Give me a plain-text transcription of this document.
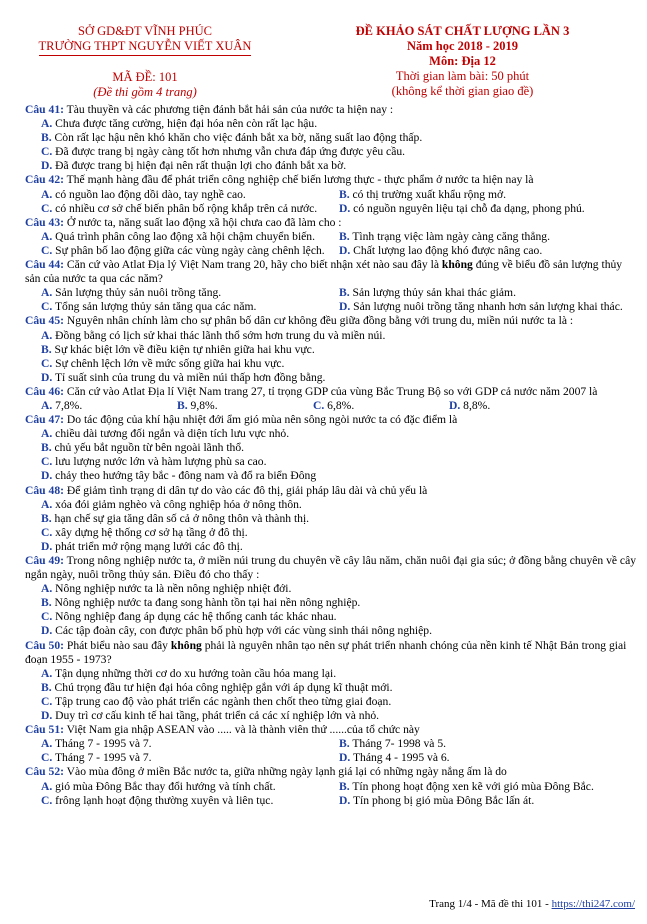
SỞ GD&ĐT VĨNH PHÚC
TRƯỜNG THPT NGUYỄN VIẾT XUÂN
MÃ ĐỀ: 101
(Đề thi gồm 4 trang)
ĐỀ KHẢO SÁT CHẤT LƯỢNG LẦN 3
Năm học 2018 - 2019
Môn: Địa 12
Thời gian làm bài: 50 phút
(không kể thời gian giao đề)
Câu 41: Tàu thuyền và các phương tiện đánh bắt hải sản của nước ta hiện nay :
A. Chưa được tăng cường, hiện đại hóa nên còn rất lạc hậu.
B. Còn rất lạc hậu nên khó khăn cho việc đánh bắt xa bờ, năng suất lao động thấp.
C. Đã được trang bị ngày càng tốt hơn nhưng vẫn chưa đáp ứng được yêu cầu.
D. Đã được trang bị hiện đại nên rất thuận lợi cho đánh bắt xa bờ.
Câu 42: Thế mạnh hàng đầu để phát triển công nghiệp chế biến lương thực - thực phẩm ở nước ta hiện nay là
A. có nguồn lao động dồi dào, tay nghề cao.	B. có thị trường xuất khẩu rộng mở.
C. có nhiều cơ sở chế biến phân bố rộng khắp trên cả nước.	D. có nguồn nguyên liệu tại chỗ đa dạng, phong phú.
Câu 43: Ở nước ta, năng suất lao động xã hội chưa cao đã làm cho :
A. Quá trình phân công lao động xã hội chậm chuyển biến.	B. Tình trạng việc làm ngày càng căng thẳng.
C. Sự phân bố lao động giữa các vùng ngày càng chênh lệch.	D. Chất lượng lao động khó được nâng cao.
Câu 44: Căn cứ vào Atlat Địa lý Việt Nam trang 20, hãy cho biết nhận xét nào sau đây là không đúng về biểu đồ sản lượng thủy sản của nước ta qua các năm?
A. Sản lượng thủy sản nuôi trồng tăng.	B. Sản lượng thủy sản khai thác giảm.
C. Tổng sản lượng thủy sản tăng qua các năm.	D. Sản lượng nuôi trồng tăng nhanh hơn sản lượng khai thác.
Câu 45: Nguyên nhân chính làm cho sự phân bố dân cư không đều giữa đồng bằng với trung du, miền núi nước ta là :
A. Đồng bằng có lịch sử khai thác lãnh thổ sớm hơn trung du và miền núi.
B. Sự khác biệt lớn về điều kiện tự nhiên giữa hai khu vực.
C. Sự chênh lệch lớn về mức sống giữa hai khu vực.
D. Tỉ suất sinh của trung du và miền núi thấp hơn đồng bằng.
Câu 46: Căn cứ vào Atlat Địa lí Việt Nam trang 27, tỉ trọng GDP của vùng Bắc Trung Bộ so với GDP cả nước năm 2007 là
A. 7,8%.	B. 9,8%.	C. 6,8%.	D. 8,8%.
Câu 47: Do tác động của khí hậu nhiệt đới ẩm gió mùa nên sông ngòi nước ta có đặc điểm là
A. chiều dài tương đối ngắn và diện tích lưu vực nhỏ.
B. chủ yếu bắt nguồn từ bên ngoài lãnh thổ.
C. lưu lượng nước lớn và hàm lượng phù sa cao.
D. chảy theo hướng tây bắc - đông nam và đổ ra biển Đông
Câu 48: Để giảm tình trạng di dân tự do vào các đô thị, giải pháp lâu dài và chủ yếu là
A. xóa đói giảm nghèo và công nghiệp hóa ở nông thôn.
B. hạn chế sự gia tăng dân số cả ở nông thôn và thành thị.
C. xây dựng hệ thống cơ sở hạ tầng ở đô thị.
D. phát triển mở rộng mạng lưới các đô thị.
Câu 49: Trong nông nghiệp nước ta, ở miền núi trung du chuyên về cây lâu năm, chăn nuôi đại gia súc; ở đồng bằng chuyên về cây ngắn ngày, nuôi trồng thủy sản. Điều đó cho thấy :
A. Nông nghiệp nước ta là nền nông nghiệp nhiệt đới.
B. Nông nghiệp nước ta đang song hành tồn tại hai nền nông nghiệp.
C. Nông nghiệp đang áp dụng các hệ thống canh tác khác nhau.
D. Các tập đoàn cây, con được phân bố phù hợp với các vùng sinh thái nông nghiệp.
Câu 50: Phát biểu nào sau đây không phải là nguyên nhân tạo nên sự phát triển nhanh chóng của nền kinh tế Nhật Bản trong giai đoạn 1955 - 1973?
A. Tận dụng những thời cơ do xu hướng toàn cầu hóa mang lại.
B. Chú trọng đầu tư hiện đại hóa công nghiệp gắn với áp dụng kĩ thuật mới.
C. Tập trung cao độ vào phát triển các ngành then chốt theo từng giai đoạn.
D. Duy trì cơ cấu kinh tế hai tầng, phát triển cả các xí nghiệp lớn và nhỏ.
Câu 51: Việt Nam gia nhập ASEAN vào ..... và là thành viên thứ ......của tổ chức này
A. Tháng 7 - 1995 và 7.	B. Tháng 7- 1998 và 5.
C. Tháng 7 - 1995 và 7.	D. Tháng 4 - 1995 và 6.
Câu 52: Vào mùa đông ở miền Bắc nước ta, giữa những ngày lạnh giá lại có những ngày nắng ấm là do
A. gió mùa Đông Bắc thay đổi hướng và tính chất.	B. Tín phong hoạt động xen kẽ với gió mùa Đông Bắc.
C. frông lạnh hoạt động thường xuyên và liên tục.	D. Tín phong bị gió mùa Đông Bắc lấn át.
Trang 1/4 - Mã đề thi 101 - https://thi247.com/
